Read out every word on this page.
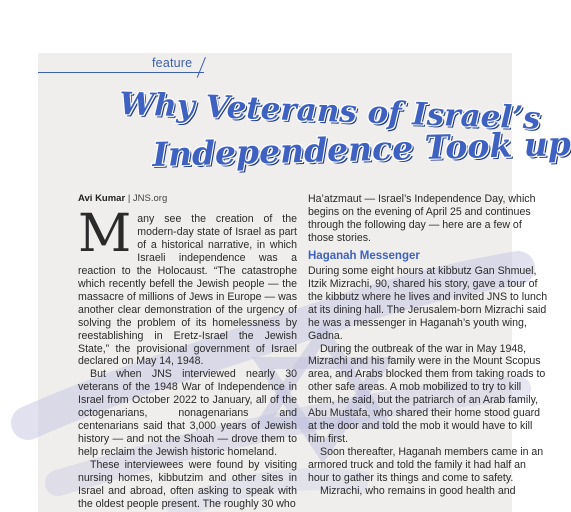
feature
Why Veterans of Israel’s
Independence Took up
Avi Kumar | JNS.org

Many see the creation of the modern-day state of Israel as part of a historical narrative, in which Israeli independence was a reaction to the Holocaust. “The catastrophe which recently befell the Jewish people — the massacre of millions of Jews in Europe — was another clear demonstration of the urgency of solving the problem of its homelessness by reestablishing in Eretz-Israel the Jewish State,” the provisional government of Israel declared on May 14, 1948.

But when JNS interviewed nearly 30 veterans of the 1948 War of Independence in Israel from October 2022 to January, all of the octogenarians, nonagenarians and centenarians said that 3,000 years of Jewish history — and not the Shoah — drove them to help reclaim the Jewish historic homeland.

These interviewees were found by visiting nursing homes, kibbutzim and other sites in Israel and abroad, often asking to speak with the oldest people present. The roughly 30 who

Ha’atzmaut — Israel’s Independence Day, which begins on the evening of April 25 and continues through the following day — here are a few of those stories.

Haganah Messenger

During some eight hours at kibbutz Gan Shmuel, Itzik Mizrachi, 90, shared his story, gave a tour of the kibbutz where he lives and invited JNS to lunch at its dining hall. The Jerusalem-born Mizrachi said he was a messenger in Haganah’s youth wing, Gadna.

During the outbreak of the war in May 1948, Mizrachi and his family were in the Mount Scopus area, and Arabs blocked them from taking roads to other safe areas. A mob mobilized to try to kill them, he said, but the patriarch of an Arab family, Abu Mustafa, who shared their home stood guard at the door and told the mob it would have to kill him first.

Soon thereafter, Haganah members came in an armored truck and told the family it had half an hour to gather its things and come to safety.

Mizrachi, who remains in good health and
